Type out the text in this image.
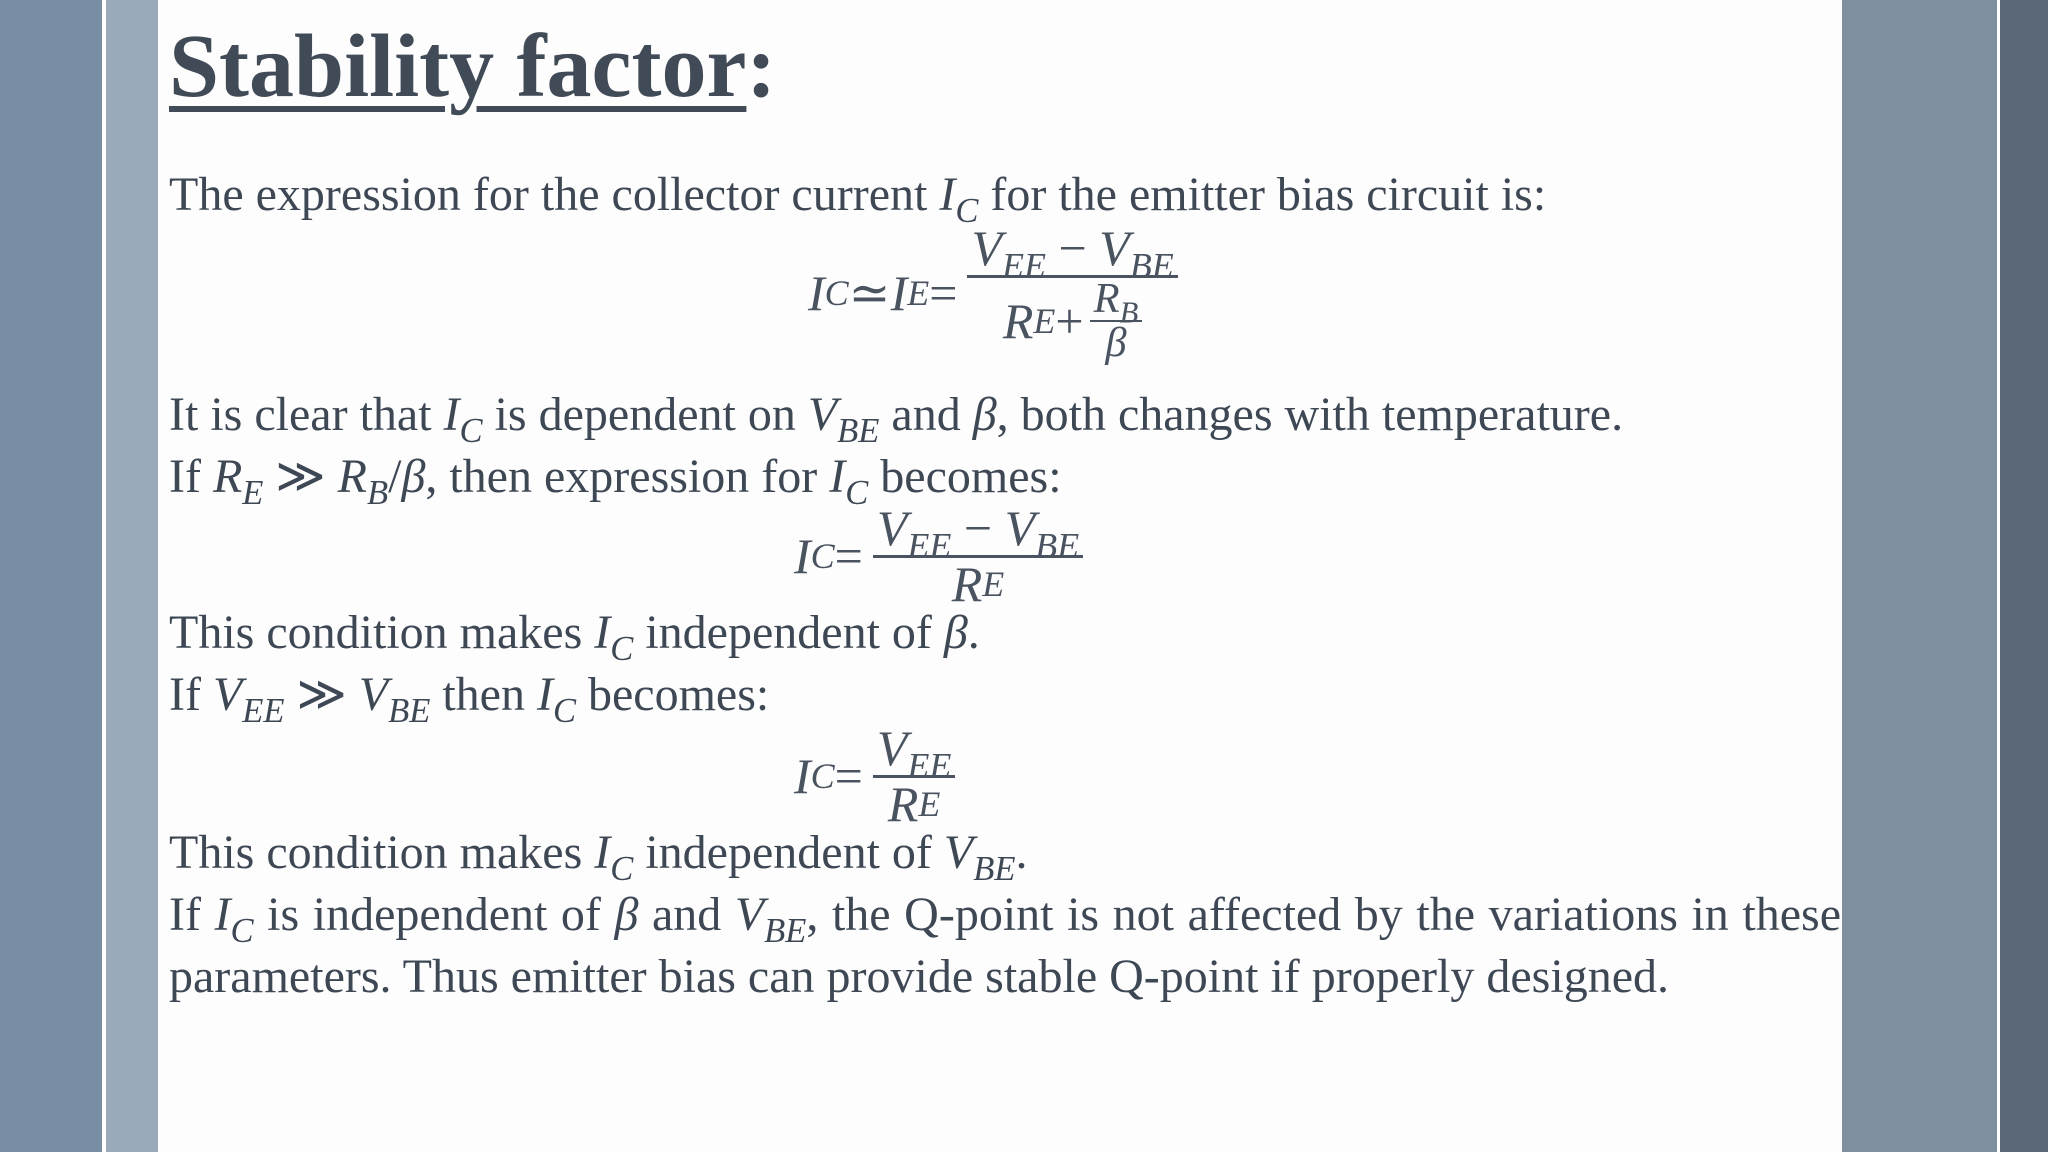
Stability factor:

The expression for the collector current $I_C$ for the emitter bias circuit is:

I C ≃ I $E = \frac{V_{EE} - V_{BE}}{R E + \frac{R_B}{\beta}}$

It is clear that $I_C$ is dependent on $V_{BE}$ and β, both changes with temperature.

If $R_E$ ≫ $R_B/\beta$, then expression for $I_C$ becomes:

I $C = \frac{V_{EE} - V_{BE}}{\text{R E}}$

This condition makes $I_C$ independent of β.

If $V_{EE}$ ≫ $V_{BE}$ then $I_C$ becomes:

I $C = \frac{V_{EE}}{\text{R E}}$

This condition makes $I_C$ independent of $V_{BE}$.

If $I_C$ is independent of β and $V_{BE}$, the Q-point is not affected by the variations in these parameters. Thus emitter bias can provide stable Q-point if properly designed.
